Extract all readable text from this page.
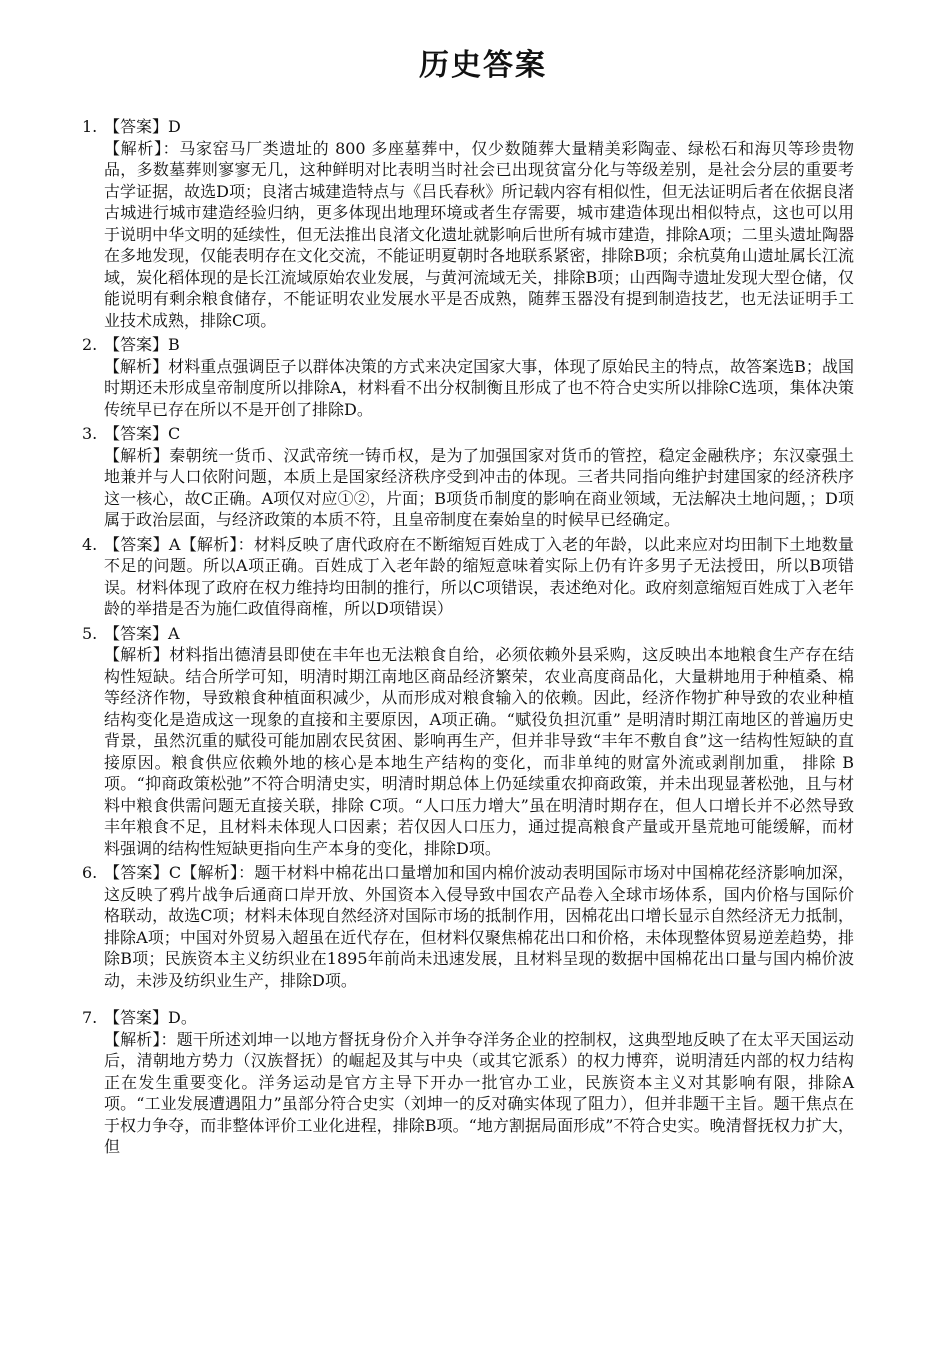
历史答案
1. 【答案】D
【解析】：马家窑马厂类遗址的 800 多座墓葬中，仅少数随葬大量精美彩陶壶、绿松石和海贝等珍贵物品，多数墓葬则寥寥无几，这种鲜明对比表明当时社会已出现贫富分化与等级差别，是社会分层的重要考古学证据，故选D项；良渚古城建造特点与《吕氏春秋》所记载内容有相似性，但无法证明后者在依据良渚古城进行城市建造经验归纳，更多体现出地理环境或者生存需要，城市建造体现出相似特点，这也可以用于说明中华文明的延续性，但无法推出良渚文化遗址就影响后世所有城市建造，排除A项；二里头遗址陶器在多地发现，仅能表明存在文化交流，不能证明夏朝时各地联系紧密，排除B项；余杭莫角山遗址属长江流域，炭化稻体现的是长江流域原始农业发展，与黄河流域无关，排除B项；山西陶寺遗址发现大型仓储，仅能说明有剩余粮食储存，不能证明农业发展水平是否成熟，随葬玉器没有提到制造技艺，也无法证明手工业技术成熟，排除C项。
2. 【答案】B
【解析】材料重点强调臣子以群体决策的方式来决定国家大事，体现了原始民主的特点，故答案选B；战国时期还未形成皇帝制度所以排除A，材料看不出分权制衡且形成了也不符合史实所以排除C选项，集体决策传统早已存在所以不是开创了排除D。
3. 【答案】C
【解析】秦朝统一货币、汉武帝统一铸币权，是为了加强国家对货币的管控，稳定金融秩序；东汉豪强土地兼并与人口依附问题，本质上是国家经济秩序受到冲击的体现。三者共同指向维护封建国家的经济秩序这一核心，故C正确。A项仅对应①②，片面；B项货币制度的影响在商业领域，无法解决土地问题，；D项属于政治层面，与经济政策的本质不符，且皇帝制度在秦始皇的时候早已经确定。
4. 【答案】A【解析】：材料反映了唐代政府在不断缩短百姓成丁入老的年龄，以此来应对均田制下土地数量不足的问题。所以A项正确。百姓成丁入老年龄的缩短意味着实际上仍有许多男子无法授田，所以B项错误。材料体现了政府在权力维持均田制的推行，所以C项错误，表述绝对化。政府刻意缩短百姓成丁入老年龄的举措是否为施仁政值得商榷，所以D项错误）
5. 【答案】A
【解析】材料指出德清县即使在丰年也无法粮食自给，必须依赖外县采购，这反映出本地粮食生产存在结构性短缺。结合所学可知，明清时期江南地区商品经济繁荣，农业高度商品化，大量耕地用于种植桑、棉等经济作物，导致粮食种植面积减少，从而形成对粮食输入的依赖。因此，经济作物扩种导致的农业种植结构变化是造成这一现象的直接和主要原因，A项正确。“赋役负担沉重” 是明清时期江南地区的普遍历史背景，虽然沉重的赋役可能加剧农民贫困、影响再生产，但并非导致“丰年不敷自食”这一结构性短缺的直接原因。粮食供应依赖外地的核心是本地生产结构的变化，而非单纯的财富外流或剥削加重， 排除 B项。“抑商政策松弛”不符合明清史实，明清时期总体上仍延续重农抑商政策，并未出现显著松弛，且与材料中粮食供需问题无直接关联，排除 C项。“人口压力增大”虽在明清时期存在，但人口增长并不必然导致丰年粮食不足，且材料未体现人口因素；若仅因人口压力，通过提高粮食产量或开垦荒地可能缓解，而材料强调的结构性短缺更指向生产本身的变化，排除D项。
6. 【答案】C【解析】：题干材料中棉花出口量增加和国内棉价波动表明国际市场对中国棉花经济影响加深，这反映了鸦片战争后通商口岸开放、外国资本入侵导致中国农产品卷入全球市场体系，国内价格与国际价格联动，故选C项；材料未体现自然经济对国际市场的抵制作用，因棉花出口增长显示自然经济无力抵制，排除A项；中国对外贸易入超虽在近代存在，但材料仅聚焦棉花出口和价格，未体现整体贸易逆差趋势，排除B项；民族资本主义纺织业在1895年前尚未迅速发展，且材料呈现的数据中国棉花出口量与国内棉价波动，未涉及纺织业生产，排除D项。
7. 【答案】D。
【解析】：题干所述刘坤一以地方督抚身份介入并争夺洋务企业的控制权，这典型地反映了在太平天国运动后，清朝地方势力（汉族督抚）的崛起及其与中央（或其它派系）的权力博弈，说明清廷内部的权力结构正在发生重要变化。洋务运动是官方主导下开办一批官办工业，民族资本主义对其影响有限，排除A项。“工业发展遭遇阻力”虽部分符合史实（刘坤一的反对确实体现了阻力），但并非题干主旨。题干焦点在于权力争夺，而非整体评价工业化进程，排除B项。“地方割据局面形成”不符合史实。晚清督抚权力扩大，但
